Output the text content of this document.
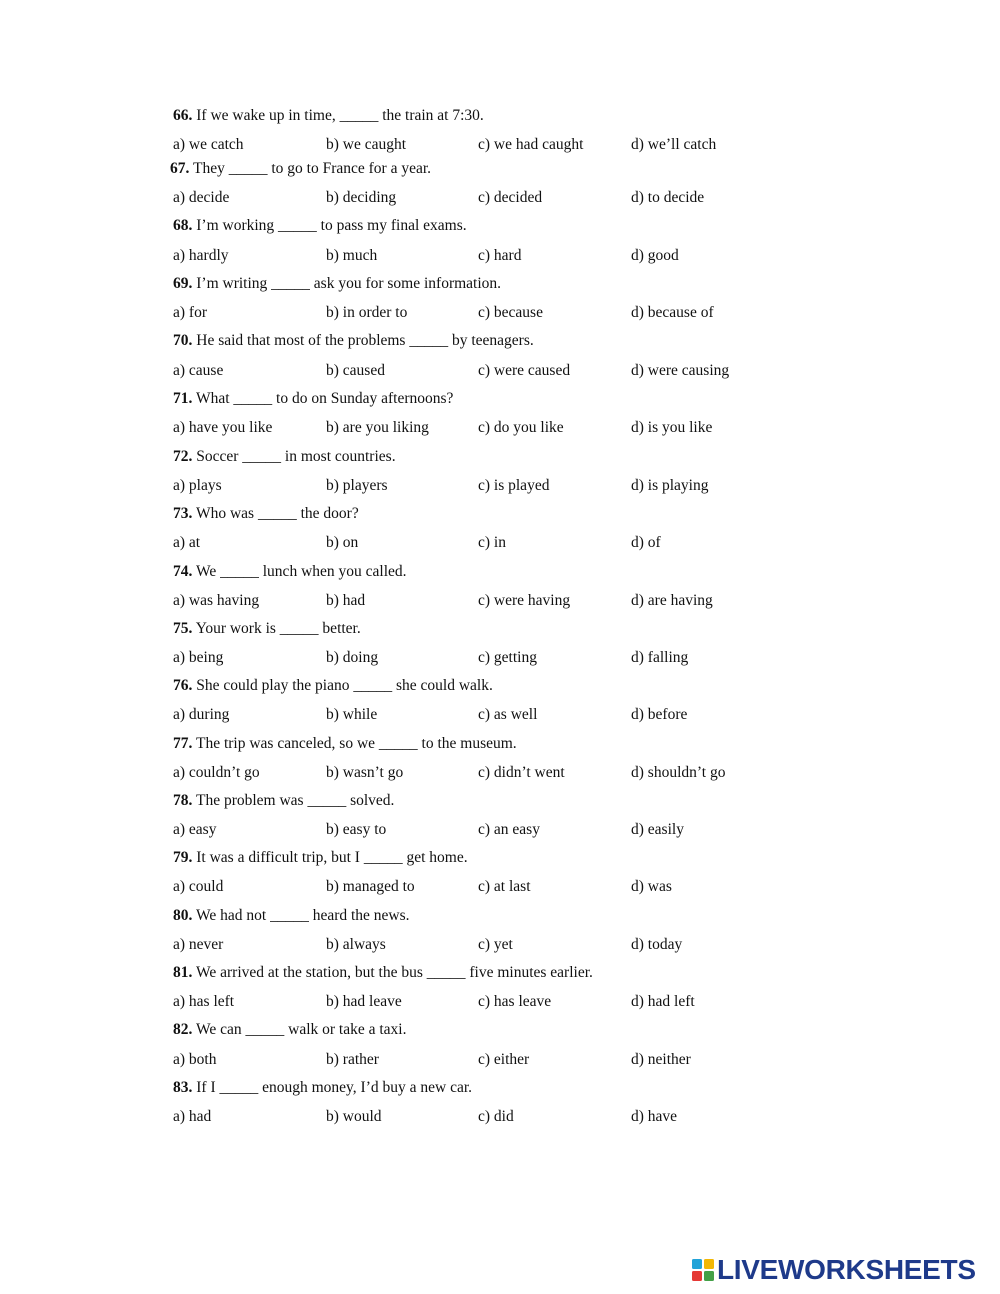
66. If we wake up in time, _____ the train at 7:30.
a) we catch	b) we caught	c) we had caught	d) we’ll catch
67. They _____ to go to France for a year.
a) decide	b) deciding	c) decided	d) to decide
68. I’m working _____ to pass my final exams.
a) hardly	b) much	c) hard	d) good
69. I’m writing _____ ask you for some information.
a) for	b) in order to	c) because	d) because of
70. He said that most of the problems _____ by teenagers.
a) cause	b) caused	c) were caused	d) were causing
71. What _____ to do on Sunday afternoons?
a) have you like	b) are you liking	c) do you like	d) is you like
72. Soccer _____ in most countries.
a) plays	b) players	c) is played	d) is playing
73. Who was _____ the door?
a) at	b) on	c) in	d) of
74. We _____ lunch when you called.
a) was having	b) had	c) were having	d) are having
75. Your work is _____ better.
a) being	b) doing	c) getting	d) falling
76. She could play the piano _____ she could walk.
a) during	b) while	c) as well	d) before
77. The trip was canceled, so we _____ to the museum.
a) couldn’t go	b) wasn’t go	c) didn’t went	d) shouldn’t go
78. The problem was _____ solved.
a) easy	b) easy to	c) an easy	d) easily
79. It was a difficult trip, but I _____ get home.
a) could	b) managed to	c) at last	d) was
80. We had not _____ heard the news.
a) never	b) always	c) yet	d) today
81. We arrived at the station, but the bus _____ five minutes earlier.
a) has left	b) had leave	c) has leave	d) had left
82. We can _____ walk or take a taxi.
a) both	b) rather	c) either	d) neither
83. If I _____ enough money, I’d buy a new car.
a) had	b) would	c) did	d) have
LIVEWORKSHEETS
